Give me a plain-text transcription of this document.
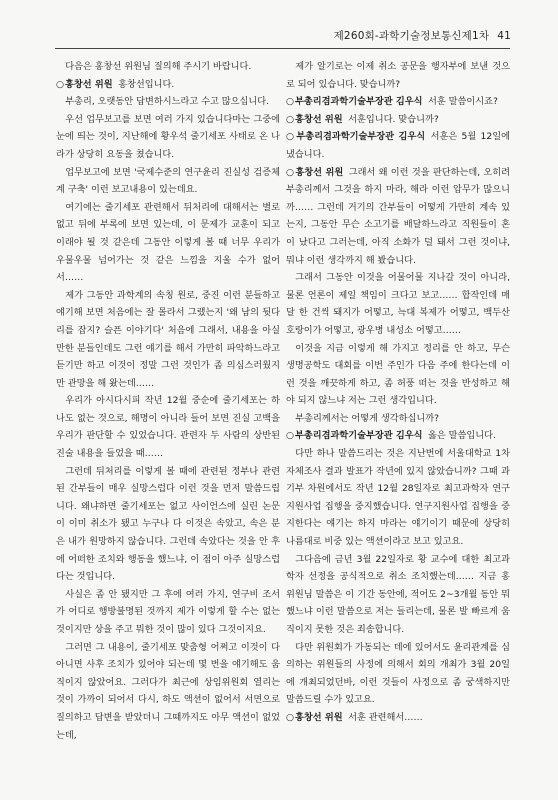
제260회-과학기술정보통신제1차 41

다음은 홍창선 위원님 질의해 주시기 바랍니다.

○홍창선 위원 홍창선입니다.

부총리, 오랫동안 답변하시느라고 수고 많으십니다.

우선 업무보고를 보면 여러 가지 있습니다마는 그중에 눈에 띄는 것이, 지난해에 황우석 줄기세포 사태로 온 나라가 상당히 요동을 쳤습니다.

업무보고에 보면 '국제수준의 연구윤리 진실성 검증체계 구축' 이런 보고내용이 있는데요.

여기에는 줄기세포 관련해서 뒤처리에 대해서는 별로 없고 뒤에 부록에 보면 있는데, 이 문제가 교훈이 되고 이래야 될 것 같은데 그동안 이렇게 볼 때 너무 우리가 우물우물 넘어가는 것 같은 느낌을 지울 수가 없어서……

제가 그동안 과학계의 속칭 원로, 중진 이런 분들하고 얘기해 보면 처음에는 잘 몰라서 그랬는지 '왜 남의 뒷다리를 잡지? 슬픈 이야기다' 처음에 그래서, 내용을 아실 만한 분들인데도 그런 얘기를 해서 가만히 파악하느라고 듣기만 하고 이것이 정말 그런 것인가 좀 의심스러웠지만 관망을 해 왔는데……

우리가 아시다시피 작년 12월 중순에 줄기세포는 하나도 없는 것으로, 해명이 아니라 들어 보면 진실 고백을 우리가 판단할 수 있었습니다. 관련자 두 사람의 상반된 진술 내용을 들었을 때……

그런데 뒤처리를 이렇게 볼 때에 관련된 정부나 관련된 간부들이 매우 실망스럽다 이런 것을 먼저 말씀드립니다. 왜냐하면 줄기세포는 없고 사이언스에 실린 논문이 이미 취소가 됐고 누구나 다 이것은 속았고, 속은 분은 내가 원망하지 않습니다. 그런데 속았다는 것을 안 후에 어떠한 조치와 행동을 했느냐, 이 점이 아주 실망스럽다는 것입니다.

사실은 좀 안 됐지만 그 후에 여러 가지, 연구비 조서가 어디로 행방불명된 것까지 제가 이렇게 할 수는 없는 것이지만 상을 주고 뭐한 것이 많이 있다 그것이지요.

그러면 그 내용이, 줄기세포 맞춤형 어쩌고 이것이 다 아니면 사후 조치가 있어야 되는데 몇 번을 얘기해도 움직이지 않았어요. 그러다가 최근에 상임위원회 열리는 것이 가까이 되어서 다시, 하도 액션이 없어서 서면으로 질의하고 답변을 받았더니 그때까지도 아무 액션이 없었는데,

제가 알기로는 이제 취소 공문을 행자부에 보낸 것으로 되어 있습니다. 맞습니까?

○부총리겸과학기술부장관 김우식 서훈 말씀이시죠?

○홍창선 위원 서훈입니다. 맞습니까?

○부총리겸과학기술부장관 김우식 서훈은 5월 12일에 냈습니다.

○홍창선 위원 그래서 왜 이런 것을 판단하는데, 오히려 부총리께서 그것을 하지 마라, 해라 이런 압무가 많으니까…… 그런데 거기의 간부들이 어떻게 가만히 계속 있는지, 그동안 무슨 소고기를 배달하느라고 직원들이 혼이 났다고 그러는데, 아직 소화가 덜 돼서 그런 것이냐, 뭐냐 이런 생각까지 해 봤습니다.

그래서 그동안 이것을 어물어물 지나갈 것이 아니라, 물론 언론이 제일 책임이 크다고 보고…… 합작인데 매달 한 건씩 돼지가 어떻고, 늑대 복제가 어떻고, 백두산 호랑이가 어떻고, 광우병 내성소 어떻고……

이것을 지금 이렇게 해 가지고 정리를 안 하고, 무슨 생명공학도 대회를 이번 주인가 다음 주에 한다는데 이런 것을 깨끗하게 하고, 좀 허풍 떠는 것을 반성하고 해야 되지 않느냐 저는 그런 생각입니다.

부총리께서는 어떻게 생각하십니까?

○부총리겸과학기술부장관 김우식 옳은 말씀입니다.

다만 하나 말씀드리는 것은 지난번에 서울대학교 1차 자체조사 결과 발표가 작년에 있지 않았습니까? 그때 과기부 차원에서도 작년 12월 28일자로 최고과학자 연구지원사업 집행을 중지했습니다. 연구지원사업 집행을 중지한다는 얘기는 하지 마라는 얘기이기 때문에 상당히 나름대로 비중 있는 액션이라고 보고 있고요.

그다음에 금년 3월 22일자로 황 교수에 대한 최고과학자 선정을 공식적으로 취소 조치했는데…… 지금 홍 위원님 말씀은 이 기간 동안에, 적어도 2~3개월 동안 뭐 했느냐 이런 말씀으로 저는 들리는데, 물론 발 빠르게 움직이지 못한 것은 죄송합니다.

다만 위원회가 가동되는 데에 있어서도 윤리관계를 심의하는 위원들의 사정에 의해서 회의 개최가 3월 20일에 개최되었던바, 이런 것들이 사정으로 좀 궁색하지만 말씀드릴 수가 있고요.

○홍창선 위원 서훈 관련해서……
